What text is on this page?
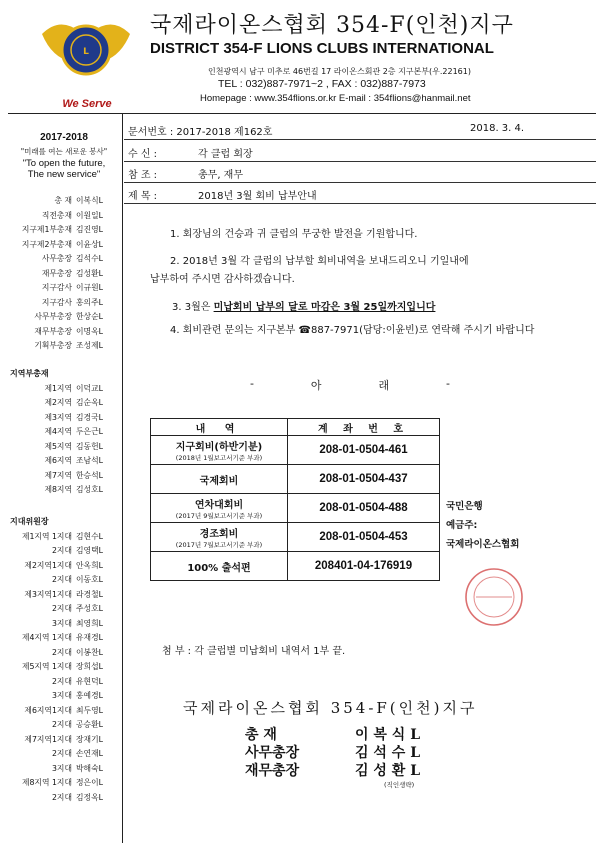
L
We Serve
국제라이온스협회 354-F(인천)지구
DISTRICT 354-F LIONS CLUBS INTERNATIONAL
인천광역시 남구 미추로 46번길 17 라이온스회관 2층 지구본부(우.22161)
TEL : 032)887-7971~2 , FAX : 032)887-7973
Homepage : www.354flions.or.kr E-mail : 354flions@hanmail.net
2017-2018
"미래를 여는 새로운 봉사"
"To open the future,
The new service"
총 재 이복식L
직전총재 이원일L
지구제1부총재 김진영L
지구제2부총재 이윤상L
사무총장 김석수L
재무총장 김성환L
지구감사 이규원L
지구감사 홍의주L
사무부총장 한상순L
재무부총장 이명옥L
기획부총장 조성제L
지역부총재
제1지역 이덕교L
제2지역 김순옥L
제3지역 김경국L
제4지역 두은근L
제5지역 김동헌L
제6지역 조남석L
제7지역 한승석L
제8지역 김성호L
지대위원장
제1지역 1지대 김현수L
2지대 김영택L
제2지역1지대 안옥희L
2지대 이동호L
제3지역1지대 라경철L
2지대 주성호L
3지대 최영희L
제4지역 1지대 유재경L
2지대 이봉찬L
제5지역 1지대 장희섭L
2지대 유현덕L
3지대 홍예경L
제6지역1지대 최두영L
2지대 공승환L
제7지역1지대 장재기L
2지대 손연재L
3지대 박해숙L
제8지역 1지대 정은이L
2지대 김정옥L
문서번호 : 2017-2018 제162호	2018. 3. 4.
수 신 :	각 클럽 회장
참 조 :	총무, 재무
제 목 :	2018년 3월 회비 납부안내
1. 회장님의 건승과 귀 클럽의 무궁한 발전을 기원합니다.
2. 2018년 3월 각 클럽의 납부할 회비내역을 보내드리오니 기일내에
납부하여 주시면 감사하겠습니다.
3. 3월은 미납회비 납부의 달로 마감은 3월 25일까지입니다
4. 회비관련 문의는 지구본부 ☎887-7971(담당:이윤빈)로 연락해 주시기 바랍니다
-	아	래	-
내 역	계 좌 번 호

지구회비(하반기분)
(2018년 1월보고서기준 부과)	208-01-0504-461

국제회비	208-01-0504-437

연차대회비
(2017년 9월보고서기준 부과)	208-01-0504-488

경조회비
(2017년 7월보고서기준 부과)	208-01-0504-453

100% 출석편	208401-04-176919
국민은행
예금주:
국제라이온스협회
첨 부 : 각 클럽별 미납회비 내역서 1부 끝.
국제라이온스협회 354-F(인천)지구
총 재	이 복 식 L
사무총장	김 석 수 L
재무총장	김 성 환 L
(직인생략)
